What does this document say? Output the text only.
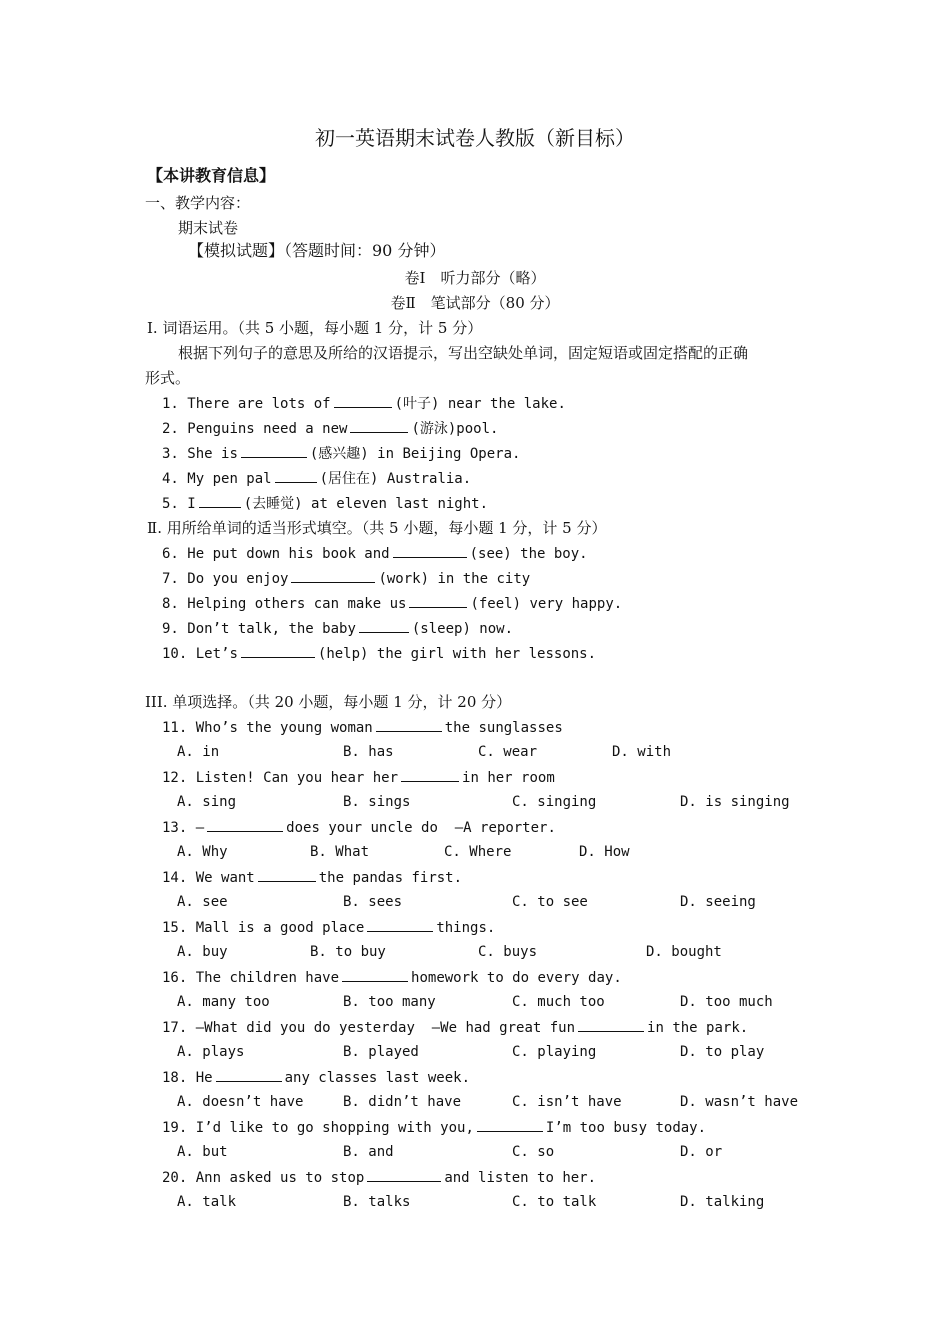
初一英语期末试卷人教版（新目标）
【本讲教育信息】
一、教学内容：
期末试卷
【模拟试题】（答题时间：90 分钟）
卷Ⅰ　听力部分（略）
卷Ⅱ　笔试部分（80 分）
Ⅰ. 词语运用。（共 5 小题，每小题 1 分，计 5 分）
根据下列句子的意思及所给的汉语提示，写出空缺处单词，固定短语或固定搭配的正确
形式。
1. There are lots of	(叶子) near the lake.
2. Penguins need a new	(游泳)pool.
3. She is	(感兴趣) in Beijing Opera.
4. My pen pal	(居住在) Australia.
5. I	(去睡觉) at eleven last night.
Ⅱ. 用所给单词的适当形式填空。（共 5 小题，每小题 1 分，计 5 分）
6. He put down his book and	(see) the boy.
7. Do you enjoy	(work) in the city
8. Helping others can make us	(feel) very happy.
9. Don’t talk, the baby	(sleep) now.
10. Let’s	(help) the girl with her lessons.
III. 单项选择。（共 20 小题，每小题 1 分，计 20 分）
11. Who’s the young woman	the sunglasses
A. in	B. has	C. wear	D. with
12. Listen! Can you hear her	in her room
A. sing	B. sings	C. singing	D. is singing
13. —	does your uncle do  —A reporter.
A. Why	B. What	C. Where	D. How
14. We want	the pandas first.
A. see	B. sees	C. to see	D. seeing
15. Mall is a good place	things.
A. buy	B. to buy	C. buys	D. bought
16. The children have	homework to do every day.
A. many too	B. too many	C. much too	D. too much
17. —What did you do yesterday  —We had great fun	in the park.
A. plays	B. played	C. playing	D. to play
18. He	any classes last week.
A. doesn’t have	B. didn’t have	C. isn’t have	D. wasn’t have
19. I’d like to go shopping with you,	I’m too busy today.
A. but	B. and	C. so	D. or
20. Ann asked us to stop	and listen to her.
A. talk	B. talks	C. to talk	D. talking
